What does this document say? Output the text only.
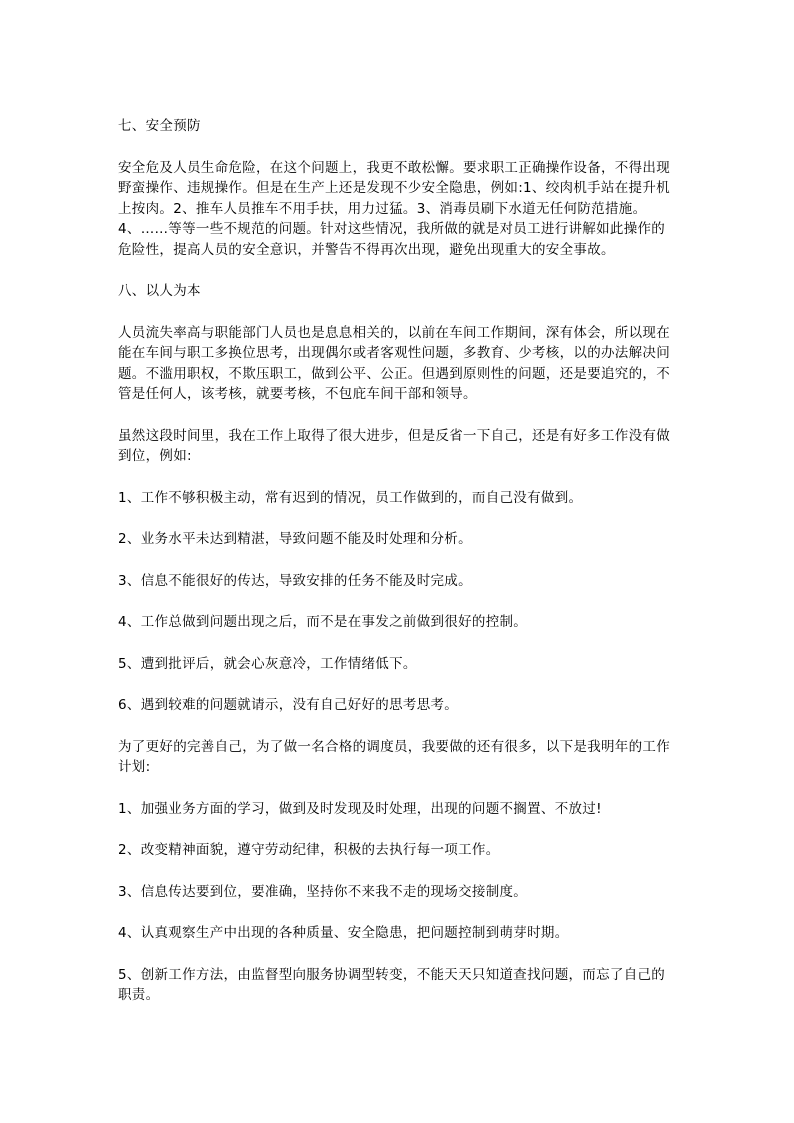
七、安全预防

安全危及人员生命危险，在这个问题上，我更不敢松懈。要求职工正确操作设备，不得出现野蛮操作、违规操作。但是在生产上还是发现不少安全隐患，例如:1、绞肉机手站在提升机上按肉。2、推车人员推车不用手扶，用力过猛。3、消毒员刷下水道无任何防范措施。4、……等等一些不规范的问题。针对这些情况，我所做的就是对员工进行讲解如此操作的危险性，提高人员的安全意识，并警告不得再次出现，避免出现重大的安全事故。

八、以人为本

人员流失率高与职能部门人员也是息息相关的，以前在车间工作期间，深有体会，所以现在能在车间与职工多换位思考，出现偶尔或者客观性问题，多教育、少考核，以的办法解决问题。不滥用职权，不欺压职工，做到公平、公正。但遇到原则性的问题，还是要追究的，不管是任何人，该考核，就要考核，不包庇车间干部和领导。

虽然这段时间里，我在工作上取得了很大进步，但是反省一下自己，还是有好多工作没有做到位，例如:

1、工作不够积极主动，常有迟到的情况，员工作做到的，而自己没有做到。

2、业务水平未达到精湛，导致问题不能及时处理和分析。

3、信息不能很好的传达，导致安排的任务不能及时完成。

4、工作总做到问题出现之后，而不是在事发之前做到很好的控制。

5、遭到批评后，就会心灰意冷，工作情绪低下。

6、遇到较难的问题就请示，没有自己好好的思考思考。

为了更好的完善自己，为了做一名合格的调度员，我要做的还有很多，以下是我明年的工作计划:

1、加强业务方面的学习，做到及时发现及时处理，出现的问题不搁置、不放过!

2、改变精神面貌，遵守劳动纪律，积极的去执行每一项工作。

3、信息传达要到位，要准确，坚持你不来我不走的现场交接制度。

4、认真观察生产中出现的各种质量、安全隐患，把问题控制到萌芽时期。

5、创新工作方法，由监督型向服务协调型转变，不能天天只知道查找问题，而忘了自己的职责。
